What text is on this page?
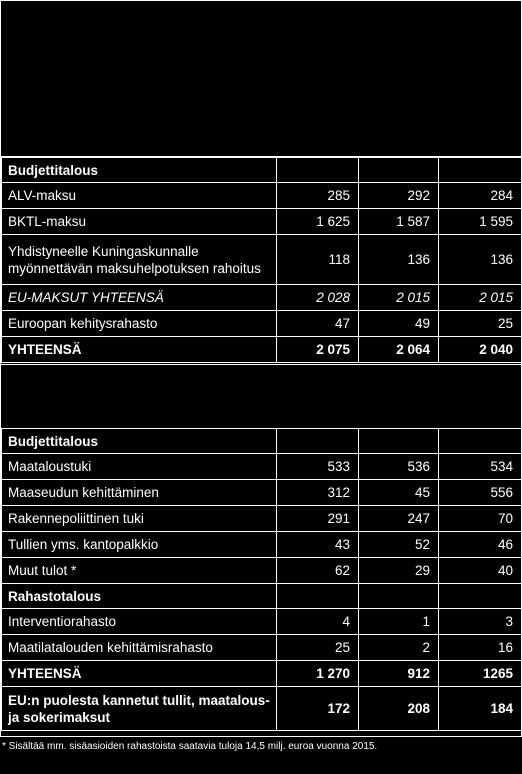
Budjettitalous			
ALV-maksu	285	292	284
BKTL-maksu	1 625	1 587	1 595
Yhdistyneelle Kuningaskunnalle myönnettävän maksuhelpotuksen rahoitus	118	136	136
EU-MAKSUT YHTEENSÄ	2 028	2 015	2 015
Euroopan kehitysrahasto	47	49	25
YHTEENSÄ	2 075	2 064	2 040
Budjettitalous			
Maataloustuki	533	536	534
Maaseudun kehittäminen	312	45	556
Rakennepoliittinen tuki	291	247	70
Tullien yms. kantopalkkio	43	52	46
Muut tulot *	62	29	40
Rahastotalous			
Interventiorahasto	4	1	3
Maatilatalouden kehittämisrahasto	25	2	16
YHTEENSÄ	1 270	912	1265
EU:n puolesta kannetut tullit, maatalous- ja sokerimaksut	172	208	184
* Sisältää mm. sisäasioiden rahastoista saatavia tuloja 14,5 milj. euroa vuonna 2015.
